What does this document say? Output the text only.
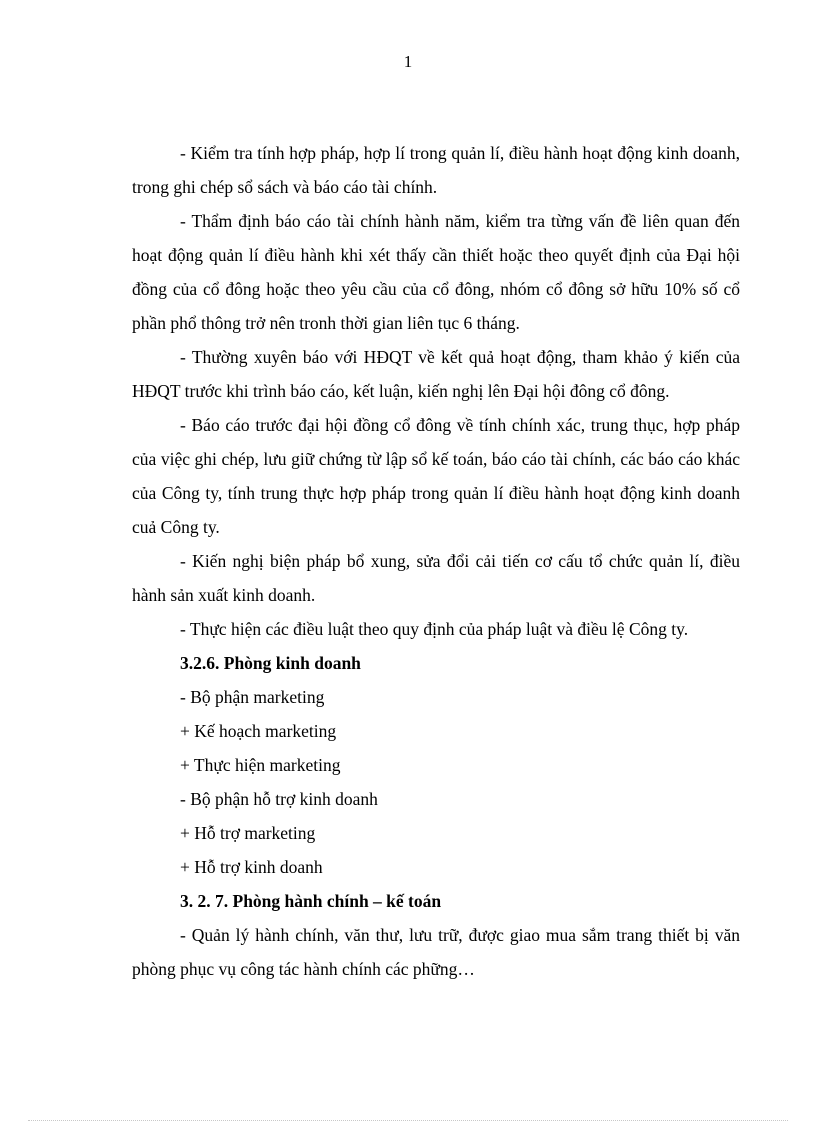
1

- Kiểm tra tính hợp pháp, hợp lí trong quản lí, điều hành hoạt động kinh doanh, trong ghi chép sổ sách và báo cáo tài chính.

- Thẩm định báo cáo tài chính hành năm, kiểm tra từng vấn đề liên quan đến hoạt động quản lí điều hành khi xét thấy cần thiết hoặc theo quyết định của Đại hội đồng của cổ đông hoặc theo yêu cầu của cổ đông, nhóm cổ đông sở hữu 10% số cổ phần phổ thông trở nên tronh thời gian liên tục 6 tháng.

- Thường xuyên báo với HĐQT về kết quả hoạt động, tham khảo ý kiến của HĐQT trước khi trình báo cáo, kết luận, kiến nghị lên Đại hội đông cổ đông.

- Báo cáo trước đại hội đồng cổ đông về tính chính xác, trung thục, hợp pháp của việc ghi chép, lưu giữ chứng từ lập sổ kế toán, báo cáo tài chính, các báo cáo khác của Công ty, tính trung thực hợp pháp trong quản lí điều hành hoạt động kinh doanh cuả Công ty.

- Kiến nghị biện pháp bổ xung, sửa đổi cải tiến cơ cấu tổ chức quản lí, điều hành sản xuất kinh doanh.

- Thực hiện các điều luật theo quy định của pháp luật và điều lệ Công ty.

3.2.6. Phòng kinh doanh

- Bộ phận marketing

+ Kế hoạch marketing

+ Thực hiện marketing

- Bộ phận hỗ trợ kinh doanh

+ Hỗ trợ marketing

+ Hỗ trợ kinh doanh

3. 2. 7. Phòng hành chính – kế toán

- Quản lý hành chính, văn thư, lưu trữ, được giao mua sắm trang thiết bị văn phòng phục vụ công tác hành chính các phững…
